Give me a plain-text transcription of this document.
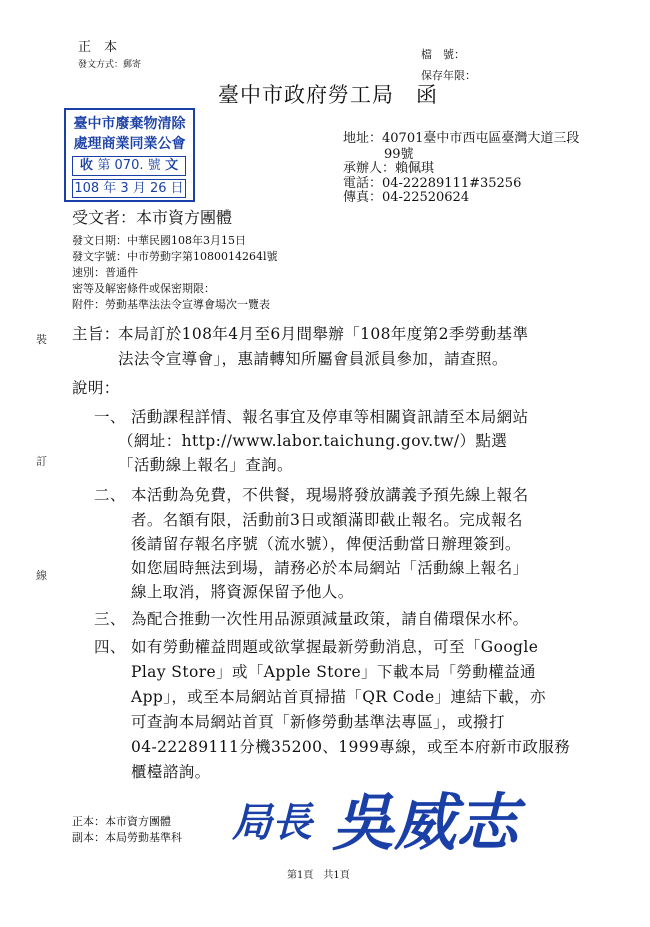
正　本
發文方式：郵寄
檔　號：
保存年限：
臺中市政府勞工局　函
臺中市廢棄物清除
處理商業同業公會
收 第 070. 號 文
108 年 3 月 26 日
地址：40701臺中市西屯區臺灣大道三段
99號
承辦人：賴佩琪
電話：04-22289111#35256
傳真：04-22520624
受文者：本市資方團體
發文日期：中華民國108年3月15日
發文字號：中市勞動字第1080014264l號
速別：普通件
密等及解密條件或保密期限：
附件：勞動基準法法令宣導會場次一覽表
主旨：
本局訂於108年4月至6月間舉辦「108年度第2季勞動基準
法法令宣導會」，惠請轉知所屬會員派員參加，請查照。
說明：
一、 活動課程詳情、報名事宜及停車等相關資訊請至本局網站
（網址：http://www.labor.taichung.gov.tw/）點選
「活動線上報名」查詢。
二、 本活動為免費，不供餐，現場將發放講義予預先線上報名
者。名額有限，活動前3日或額滿即截止報名。完成報名
後請留存報名序號（流水號），俾便活動當日辦理簽到。
如您屆時無法到場，請務必於本局網站「活動線上報名」
線上取消，將資源保留予他人。
三、 為配合推動一次性用品源頭減量政策，請自備環保水杯。
四、 如有勞動權益問題或欲掌握最新勞動消息，可至「Google
Play Store」或「Apple Store」下載本局「勞動權益通
App」，或至本局網站首頁掃描「QR Code」連結下載，亦
可查詢本局網站首頁「新修勞動基準法專區」，或撥打
04-22289111分機35200、1999專線，或至本府新市政服務
櫃檯諮詢。
正本：本市資方團體
副本：本局勞動基準科 局長 吳威志
裝
訂
線
第1頁　共1頁
